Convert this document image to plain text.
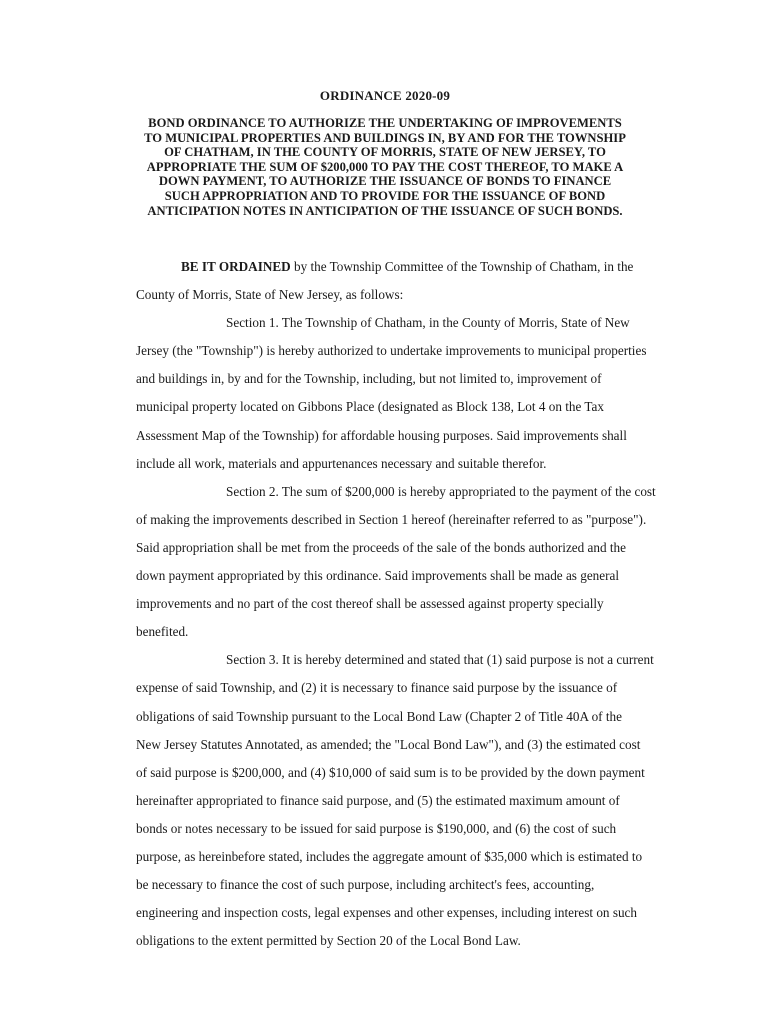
ORDINANCE 2020-09
BOND ORDINANCE TO AUTHORIZE THE UNDERTAKING OF IMPROVEMENTS
TO MUNICIPAL PROPERTIES AND BUILDINGS IN, BY AND FOR THE TOWNSHIP
OF CHATHAM, IN THE COUNTY OF MORRIS, STATE OF NEW JERSEY, TO
APPROPRIATE THE SUM OF $200,000 TO PAY THE COST THEREOF, TO MAKE A
DOWN PAYMENT, TO AUTHORIZE THE ISSUANCE OF BONDS TO FINANCE
SUCH APPROPRIATION AND TO PROVIDE FOR THE ISSUANCE OF BOND
ANTICIPATION NOTES IN ANTICIPATION OF THE ISSUANCE OF SUCH BONDS.
BE IT ORDAINED by the Township Committee of the Township of Chatham, in the
County of Morris, State of New Jersey, as follows:
Section 1. The Township of Chatham, in the County of Morris, State of New
Jersey (the "Township") is hereby authorized to undertake improvements to municipal properties
and buildings in, by and for the Township, including, but not limited to, improvement of
municipal property located on Gibbons Place (designated as Block 138, Lot 4 on the Tax
Assessment Map of the Township) for affordable housing purposes. Said improvements shall
include all work, materials and appurtenances necessary and suitable therefor.
Section 2. The sum of $200,000 is hereby appropriated to the payment of the cost
of making the improvements described in Section 1 hereof (hereinafter referred to as "purpose").
Said appropriation shall be met from the proceeds of the sale of the bonds authorized and the
down payment appropriated by this ordinance. Said improvements shall be made as general
improvements and no part of the cost thereof shall be assessed against property specially
benefited.
Section 3. It is hereby determined and stated that (1) said purpose is not a current
expense of said Township, and (2) it is necessary to finance said purpose by the issuance of
obligations of said Township pursuant to the Local Bond Law (Chapter 2 of Title 40A of the
New Jersey Statutes Annotated, as amended; the "Local Bond Law"), and (3) the estimated cost
of said purpose is $200,000, and (4) $10,000 of said sum is to be provided by the down payment
hereinafter appropriated to finance said purpose, and (5) the estimated maximum amount of
bonds or notes necessary to be issued for said purpose is $190,000, and (6) the cost of such
purpose, as hereinbefore stated, includes the aggregate amount of $35,000 which is estimated to
be necessary to finance the cost of such purpose, including architect's fees, accounting,
engineering and inspection costs, legal expenses and other expenses, including interest on such
obligations to the extent permitted by Section 20 of the Local Bond Law.
